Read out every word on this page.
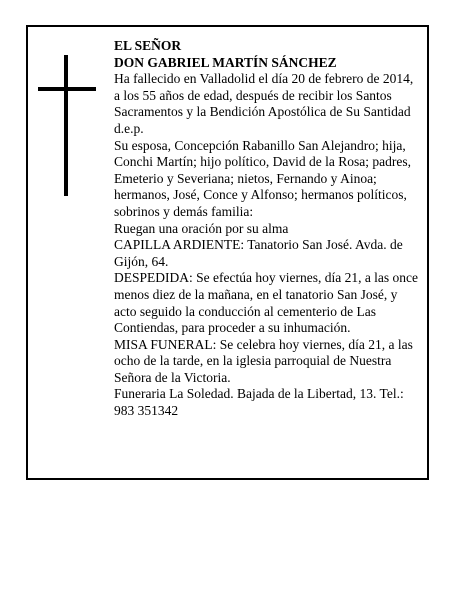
EL SEÑOR

DON GABRIEL MARTÍN SÁNCHEZ

Ha fallecido en Valladolid el día 20 de febrero de 2014, a los 55 años de edad, después de recibir los Santos Sacramentos y la Bendición Apostólica de Su Santidad d.e.p.

Su esposa, Concepción Rabanillo San Alejandro; hija, Conchi Martín; hijo político, David de la Rosa; padres, Emeterio y Severiana; nietos, Fernando y Ainoa; hermanos, José, Conce y Alfonso; hermanos políticos, sobrinos y demás familia:

Ruegan una oración por su alma

CAPILLA ARDIENTE: Tanatorio San José. Avda. de Gijón, 64.

DESPEDIDA: Se efectúa hoy viernes, día 21, a las once menos diez de la mañana, en el tanatorio San José, y acto seguido la conducción al cementerio de Las Contiendas, para proceder a su inhumación.

MISA FUNERAL: Se celebra hoy viernes, día 21, a las ocho de la tarde, en la iglesia parroquial de Nuestra Señora de la Victoria.

Funeraria La Soledad. Bajada de la Libertad, 13. Tel.: 983 351342
